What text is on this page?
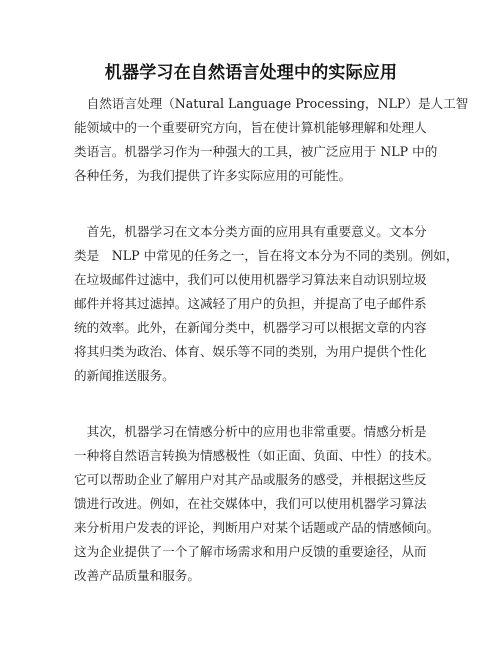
机器学习在自然语言处理中的实际应用
　自然语言处理（Natural Language Processing，NLP）是人工智
能领域中的一个重要研究方向，旨在使计算机能够理解和处理人
类语言。机器学习作为一种强大的工具，被广泛应用于 NLP 中的
各种任务，为我们提供了许多实际应用的可能性。
　首先，机器学习在文本分类方面的应用具有重要意义。文本分
类是　NLP 中常见的任务之一，旨在将文本分为不同的类别。例如，
在垃圾邮件过滤中，我们可以使用机器学习算法来自动识别垃圾
邮件并将其过滤掉。这减轻了用户的负担，并提高了电子邮件系
统的效率。此外，在新闻分类中，机器学习可以根据文章的内容
将其归类为政治、体育、娱乐等不同的类别，为用户提供个性化
的新闻推送服务。
　其次，机器学习在情感分析中的应用也非常重要。情感分析是
一种将自然语言转换为情感极性（如正面、负面、中性）的技术。
它可以帮助企业了解用户对其产品或服务的感受，并根据这些反
馈进行改进。例如，在社交媒体中，我们可以使用机器学习算法
来分析用户发表的评论，判断用户对某个话题或产品的情感倾向。
这为企业提供了一个了解市场需求和用户反馈的重要途径，从而
改善产品质量和服务。
